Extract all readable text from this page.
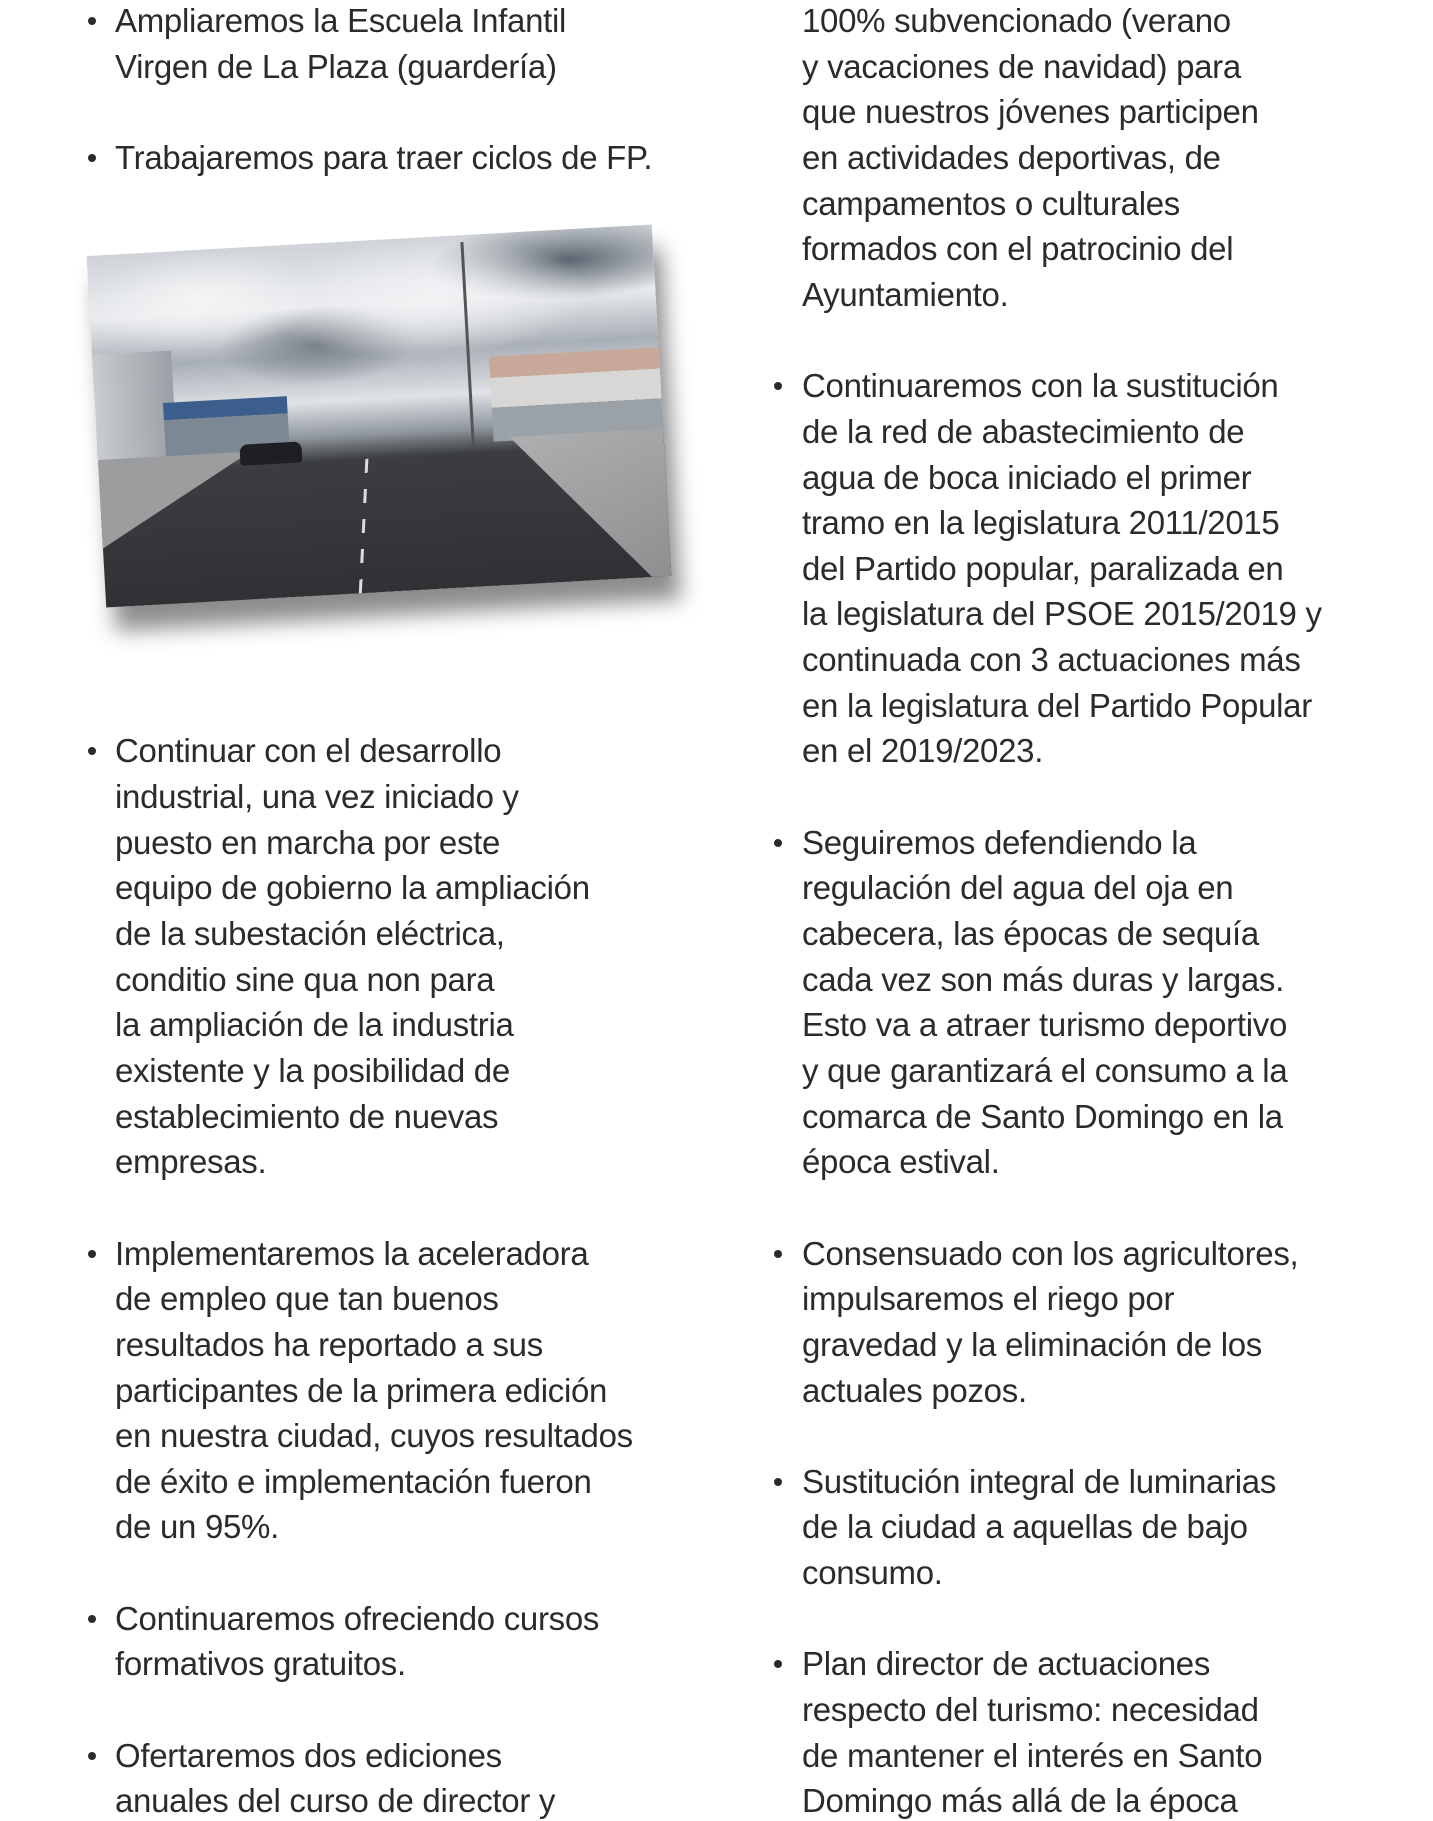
Ampliaremos la Escuela Infantil
Virgen de La Plaza (guardería)
Trabajaremos para traer ciclos de FP.
Continuar con el desarrollo
industrial, una vez iniciado y
puesto en marcha por este
equipo de gobierno la ampliación
de la subestación eléctrica,
conditio sine qua non para
la ampliación de la industria
existente y la posibilidad de
establecimiento de nuevas
empresas.
Implementaremos la aceleradora
de empleo que tan buenos
resultados ha reportado a sus
participantes de la primera edición
en nuestra ciudad, cuyos resultados
de éxito e implementación fueron
de un 95%.
Continuaremos ofreciendo cursos
formativos gratuitos.
Ofertaremos dos ediciones
anuales del curso de director y
100% subvencionado (verano
y vacaciones de navidad) para
que nuestros jóvenes participen
en actividades deportivas, de
campamentos o culturales
formados con el patrocinio del
Ayuntamiento.
Continuaremos con la sustitución
de la red de abastecimiento de
agua de boca iniciado el primer
tramo en la legislatura 2011/2015
del Partido popular, paralizada en
la legislatura del PSOE 2015/2019 y
continuada con 3 actuaciones más
en la legislatura del Partido Popular
en el 2019/2023.
Seguiremos defendiendo la
regulación del agua del oja en
cabecera, las épocas de sequía
cada vez son más duras y largas.
Esto va a atraer turismo deportivo
y que garantizará el consumo a la
comarca de Santo Domingo en la
época estival.
Consensuado con los agricultores,
impulsaremos el riego por
gravedad y la eliminación de los
actuales pozos.
Sustitución integral de luminarias
de la ciudad a aquellas de bajo
consumo.
Plan director de actuaciones
respecto del turismo: necesidad
de mantener el interés en Santo
Domingo más allá de la época
